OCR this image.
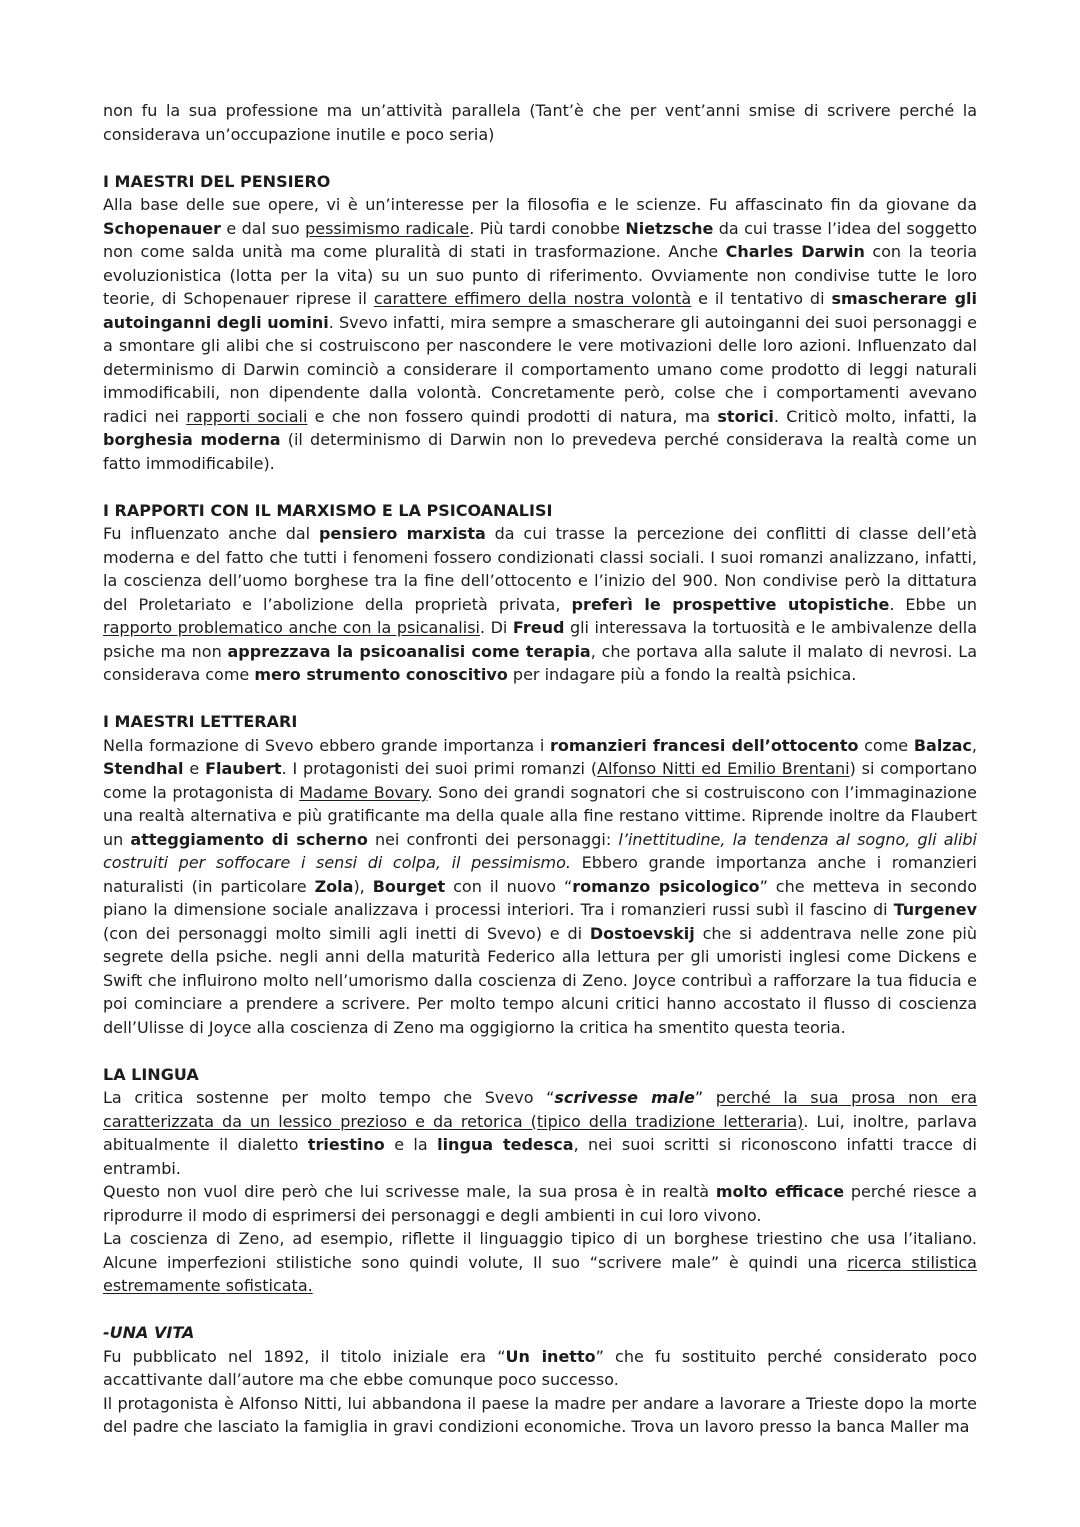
non fu la sua professione ma un’attività parallela (Tant’è che per vent’anni smise di scrivere perché la considerava un’occupazione inutile e poco seria)

I MAESTRI DEL PENSIERO

Alla base delle sue opere, vi è un’interesse per la filosofia e le scienze. Fu affascinato fin da giovane da Schopenauer e dal suo pessimismo radicale. Più tardi conobbe Nietzsche da cui trasse l’idea del soggetto non come salda unità ma come pluralità di stati in trasformazione. Anche Charles Darwin con la teoria evoluzionistica (lotta per la vita) su un suo punto di riferimento. Ovviamente non condivise tutte le loro teorie, di Schopenauer riprese il carattere effimero della nostra volontà e il tentativo di smascherare gli autoinganni degli uomini. Svevo infatti, mira sempre a smascherare gli autoinganni dei suoi personaggi e a smontare gli alibi che si costruiscono per nascondere le vere motivazioni delle loro azioni. Influenzato dal determinismo di Darwin cominciò a considerare il comportamento umano come prodotto di leggi naturali immodificabili, non dipendente dalla volontà. Concretamente però, colse che i comportamenti avevano radici nei rapporti sociali e che non fossero quindi prodotti di natura, ma storici. Criticò molto, infatti, la borghesia moderna (il determinismo di Darwin non lo prevedeva perché considerava la realtà come un fatto immodificabile).

I RAPPORTI CON IL MARXISMO E LA PSICOANALISI

Fu influenzato anche dal pensiero marxista da cui trasse la percezione dei conflitti di classe dell’età moderna e del fatto che tutti i fenomeni fossero condizionati classi sociali. I suoi romanzi analizzano, infatti, la coscienza dell’uomo borghese tra la fine dell’ottocento e l’inizio del 900. Non condivise però la dittatura del Proletariato e l’abolizione della proprietà privata, preferì le prospettive utopistiche. Ebbe un rapporto problematico anche con la psicanalisi. Di Freud gli interessava la tortuosità e le ambivalenze della psiche ma non apprezzava la psicoanalisi come terapia, che portava alla salute il malato di nevrosi. La considerava come mero strumento conoscitivo per indagare più a fondo la realtà psichica.

I MAESTRI LETTERARI

Nella formazione di Svevo ebbero grande importanza i romanzieri francesi dell’ottocento come Balzac, Stendhal e Flaubert. I protagonisti dei suoi primi romanzi (Alfonso Nitti ed Emilio Brentani) si comportano come la protagonista di Madame Bovary. Sono dei grandi sognatori che si costruiscono con l’immaginazione una realtà alternativa e più gratificante ma della quale alla fine restano vittime. Riprende inoltre da Flaubert un atteggiamento di scherno nei confronti dei personaggi: l’inettitudine, la tendenza al sogno, gli alibi costruiti per soffocare i sensi di colpa, il pessimismo. Ebbero grande importanza anche i romanzieri naturalisti (in particolare Zola), Bourget con il nuovo “romanzo psicologico” che metteva in secondo piano la dimensione sociale analizzava i processi interiori. Tra i romanzieri russi subì il fascino di Turgenev (con dei personaggi molto simili agli inetti di Svevo) e di Dostoevskij che si addentrava nelle zone più segrete della psiche. negli anni della maturità Federico alla lettura per gli umoristi inglesi come Dickens e Swift che influirono molto nell’umorismo dalla coscienza di Zeno. Joyce contribuì a rafforzare la tua fiducia e poi cominciare a prendere a scrivere. Per molto tempo alcuni critici hanno accostato il flusso di coscienza dell’Ulisse di Joyce alla coscienza di Zeno ma oggigiorno la critica ha smentito questa teoria.

LA LINGUA

La critica sostenne per molto tempo che Svevo “scrivesse male” perché la sua prosa non era caratterizzata da un lessico prezioso e da retorica (tipico della tradizione letteraria). Lui, inoltre, parlava abitualmente il dialetto triestino e la lingua tedesca, nei suoi scritti si riconoscono infatti tracce di entrambi.

Questo non vuol dire però che lui scrivesse male, la sua prosa è in realtà molto efficace perché riesce a riprodurre il modo di esprimersi dei personaggi e degli ambienti in cui loro vivono.

La coscienza di Zeno, ad esempio, riflette il linguaggio tipico di un borghese triestino che usa l’italiano. Alcune imperfezioni stilistiche sono quindi volute, Il suo “scrivere male” è quindi una ricerca stilistica estremamente sofisticata.

-UNA VITA

Fu pubblicato nel 1892, il titolo iniziale era “Un inetto” che fu sostituito perché considerato poco accattivante dall’autore ma che ebbe comunque poco successo.

Il protagonista è Alfonso Nitti, lui abbandona il paese la madre per andare a lavorare a Trieste dopo la morte del padre che lasciato la famiglia in gravi condizioni economiche. Trova un lavoro presso la banca Maller ma
